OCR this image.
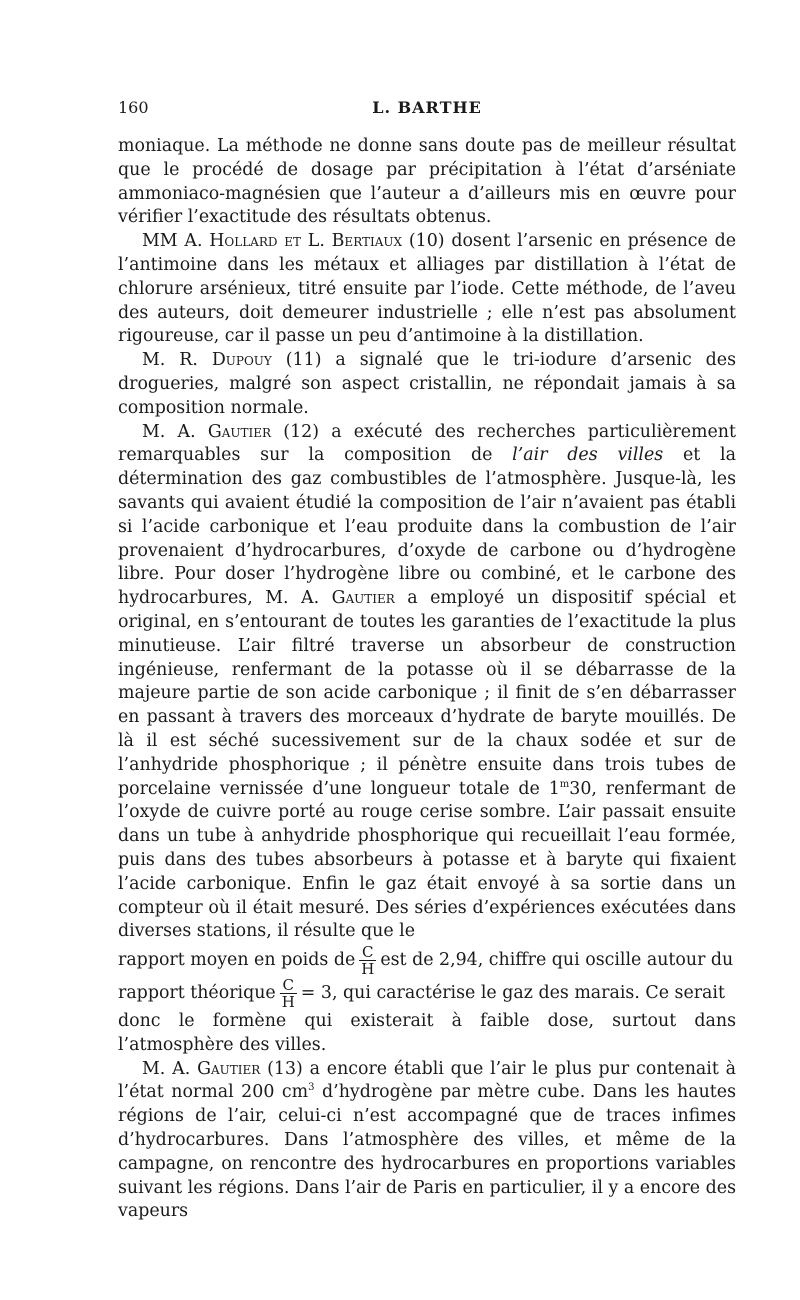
160	L. BARTHE

moniaque. La méthode ne donne sans doute pas de meilleur résultat que le procédé de dosage par précipitation à l’état d’arséniate ammoniaco-magnésien que l’auteur a d’ailleurs mis en œuvre pour vérifier l’exactitude des résultats obtenus.

MM A. Hollard et L. Bertiaux (10) dosent l’arsenic en présence de l’antimoine dans les métaux et alliages par distillation à l’état de chlorure arsénieux, titré ensuite par l’iode. Cette méthode, de l’aveu des auteurs, doit demeurer industrielle ; elle n’est pas absolument rigoureuse, car il passe un peu d’antimoine à la distillation.

M. R. Dupouy (11) a signalé que le tri-iodure d’arsenic des drogueries, malgré son aspect cristallin, ne répondait jamais à sa composition normale.

M. A. Gautier (12) a exécuté des recherches particulièrement remarquables sur la composition de l’air des villes et la détermination des gaz combustibles de l’atmosphère. Jusque-là, les savants qui avaient étudié la composition de l’air n’avaient pas établi si l’acide carbonique et l’eau produite dans la combustion de l’air provenaient d’hydrocarbures, d’oxyde de carbone ou d’hydrogène libre. Pour doser l’hydrogène libre ou combiné, et le carbone des hydrocarbures, M. A. Gautier a employé un dispositif spécial et original, en s’entourant de toutes les garanties de l’exactitude la plus minutieuse. L’air filtré traverse un absorbeur de construction ingénieuse, renfermant de la potasse où il se débarrasse de la majeure partie de son acide carbonique ; il finit de s’en débarrasser en passant à travers des morceaux d’hydrate de baryte mouillés. De là il est séché sucessivement sur de la chaux sodée et sur de l’anhydride phosphorique ; il pénètre ensuite dans trois tubes de porcelaine vernissée d’une longueur totale de 1$^m$30, renfermant de l’oxyde de cuivre porté au rouge cerise sombre. L’air passait ensuite dans un tube à anhydride phosphorique qui recueillait l’eau formée, puis dans des tubes absorbeurs à potasse et à baryte qui fixaient l’acide carbonique. Enfin le gaz était envoyé à sa sortie dans un compteur où il était mesuré. Des séries d’expériences exécutées dans diverses stations, il résulte que le

rapport moyen en poids de $\frac{C}{H}$ est de 2,94, chiffre qui oscille autour du

rapport théorique $\frac{C}{H} = 3$, qui caractérise le gaz des marais. Ce serait

donc le formène qui existerait à faible dose, surtout dans l’atmosphère des villes.

M. A. Gautier (13) a encore établi que l’air le plus pur contenait à l’état normal 200 $cm^3$ d’hydrogène par mètre cube. Dans les hautes régions de l’air, celui-ci n’est accompagné que de traces infimes d’hydrocarbures. Dans l’atmosphère des villes, et même de la campagne, on rencontre des hydrocarbures en proportions variables suivant les régions. Dans l’air de Paris en particulier, il y a encore des vapeurs
